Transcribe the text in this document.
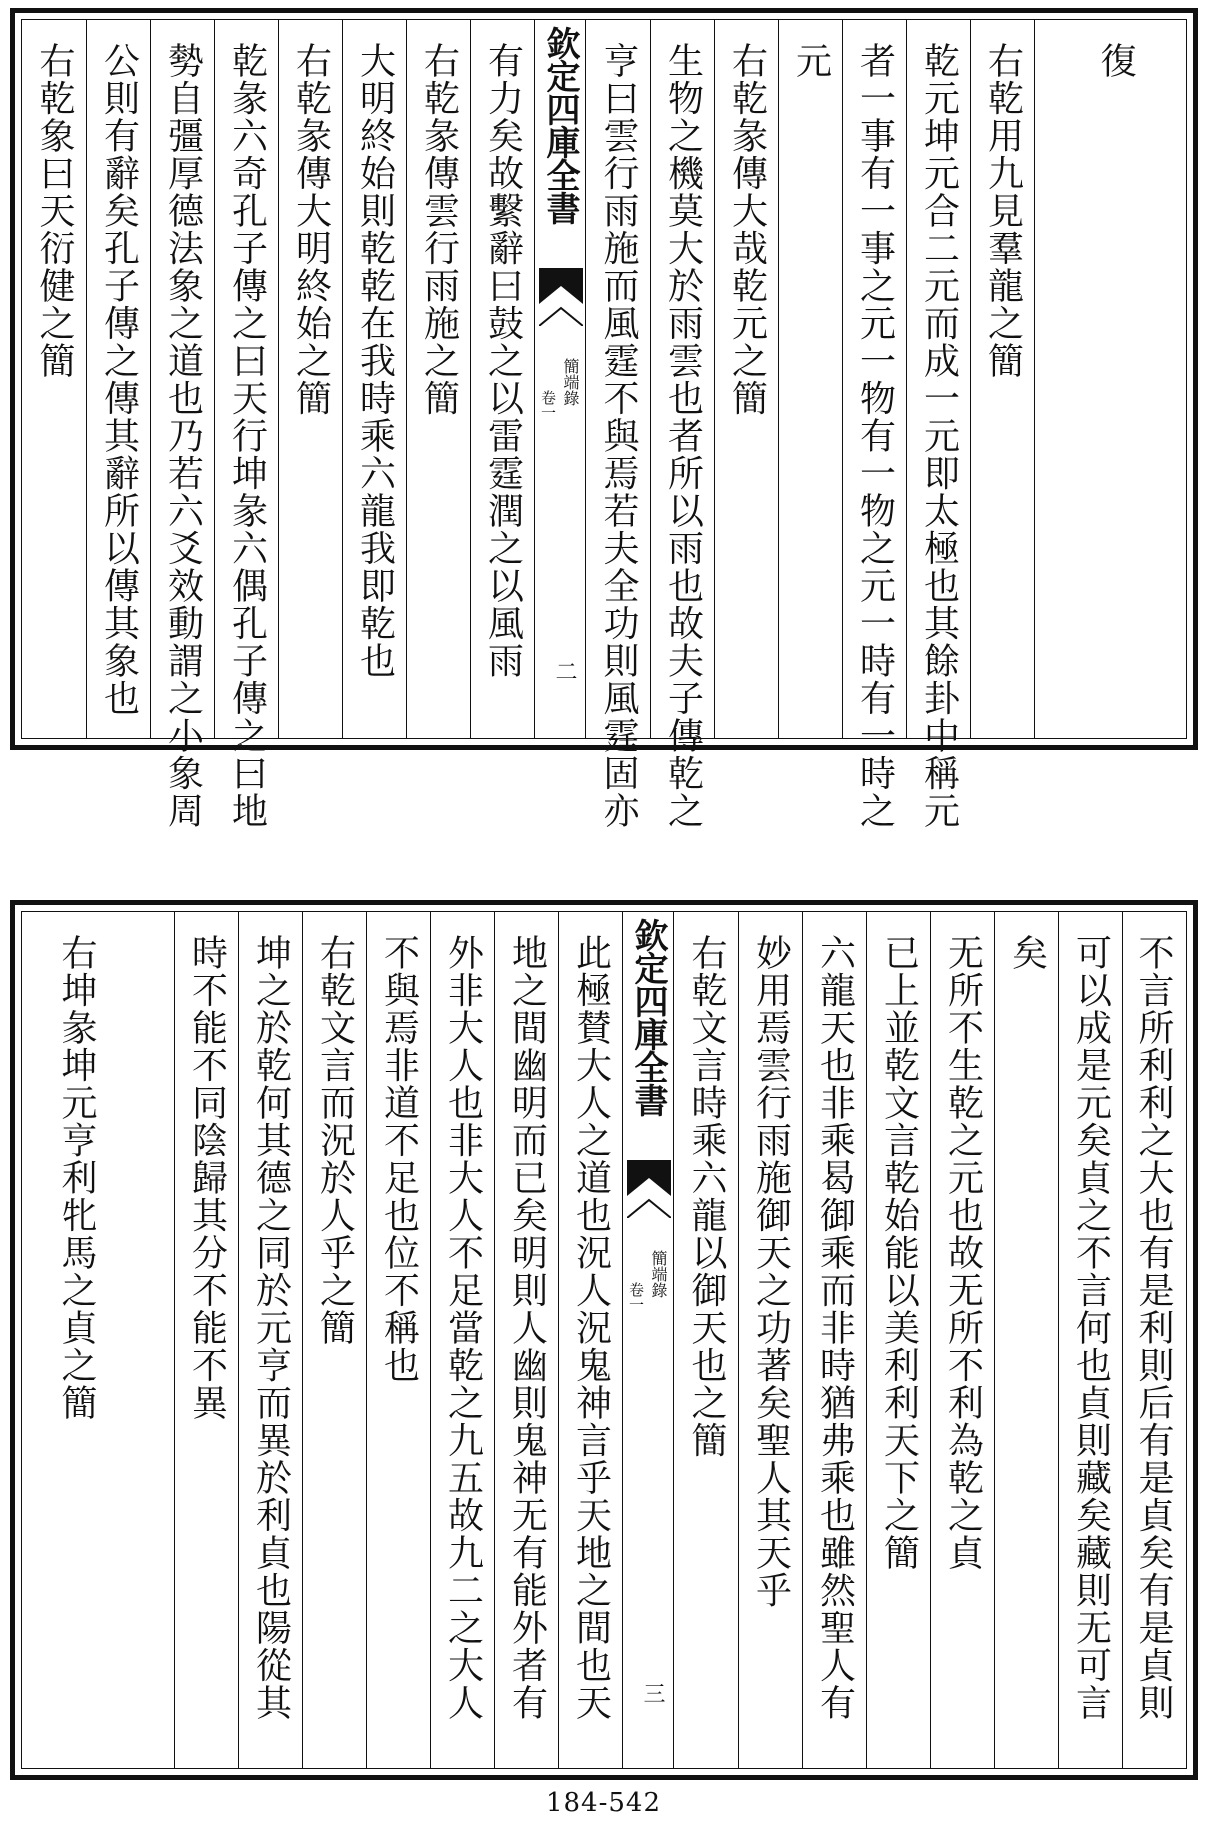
右乾象曰天衍健之簡 公則有辭矣孔子傳之傳其辭所以傳其象也 勢自彊厚德法象之道也乃若六爻效動謂之小象周 乾彖六奇孔子傳之曰天行坤彖六偶孔子傳之曰地 右乾彖傳大明終始之簡 大明終始則乾乾在我時乘六龍我即乾也 右乾彖傳雲行雨施之簡 有力矣故繫辭曰鼓之以雷霆潤之以風雨 欽定四庫全書
簡端錄
卷一
二 亨曰雲行雨施而風霆不與焉若夫全功則風霆固亦 生物之機莫大於雨雲也者所以雨也故夫子傳乾之 右乾彖傳大哉乾元之簡 元 者一事有一事之元一物有一物之元一時有一時之 乾元坤元合二元而成一元即太極也其餘卦中稱元 右乾用九見羣龍之簡 復
右坤彖坤元亨利牝馬之貞之簡 時不能不同陰歸其分不能不異 坤之於乾何其德之同於元亨而異於利貞也陽從其 右乾文言而況於人乎之簡 不與焉非道不足也位不稱也 外非大人也非大人不足當乾之九五故九二之大人 地之間幽明而已矣明則人幽則鬼神无有能外者有 此極賛大人之道也況人況鬼神言乎天地之間也天 欽定四庫全書
簡端錄
卷一
三
右乾文言時乘六龍以御天也之簡 妙用焉雲行雨施御天之功著矣聖人其天乎 六龍天也非乘曷御乘而非時猶弗乘也雖然聖人有 已上並乾文言乾始能以美利利天下之簡 无所不生乾之元也故无所不利為乾之貞 矣 可以成是元矣貞之不言何也貞則藏矣藏則无可言 不言所利利之大也有是利則后有是貞矣有是貞則
184-542
